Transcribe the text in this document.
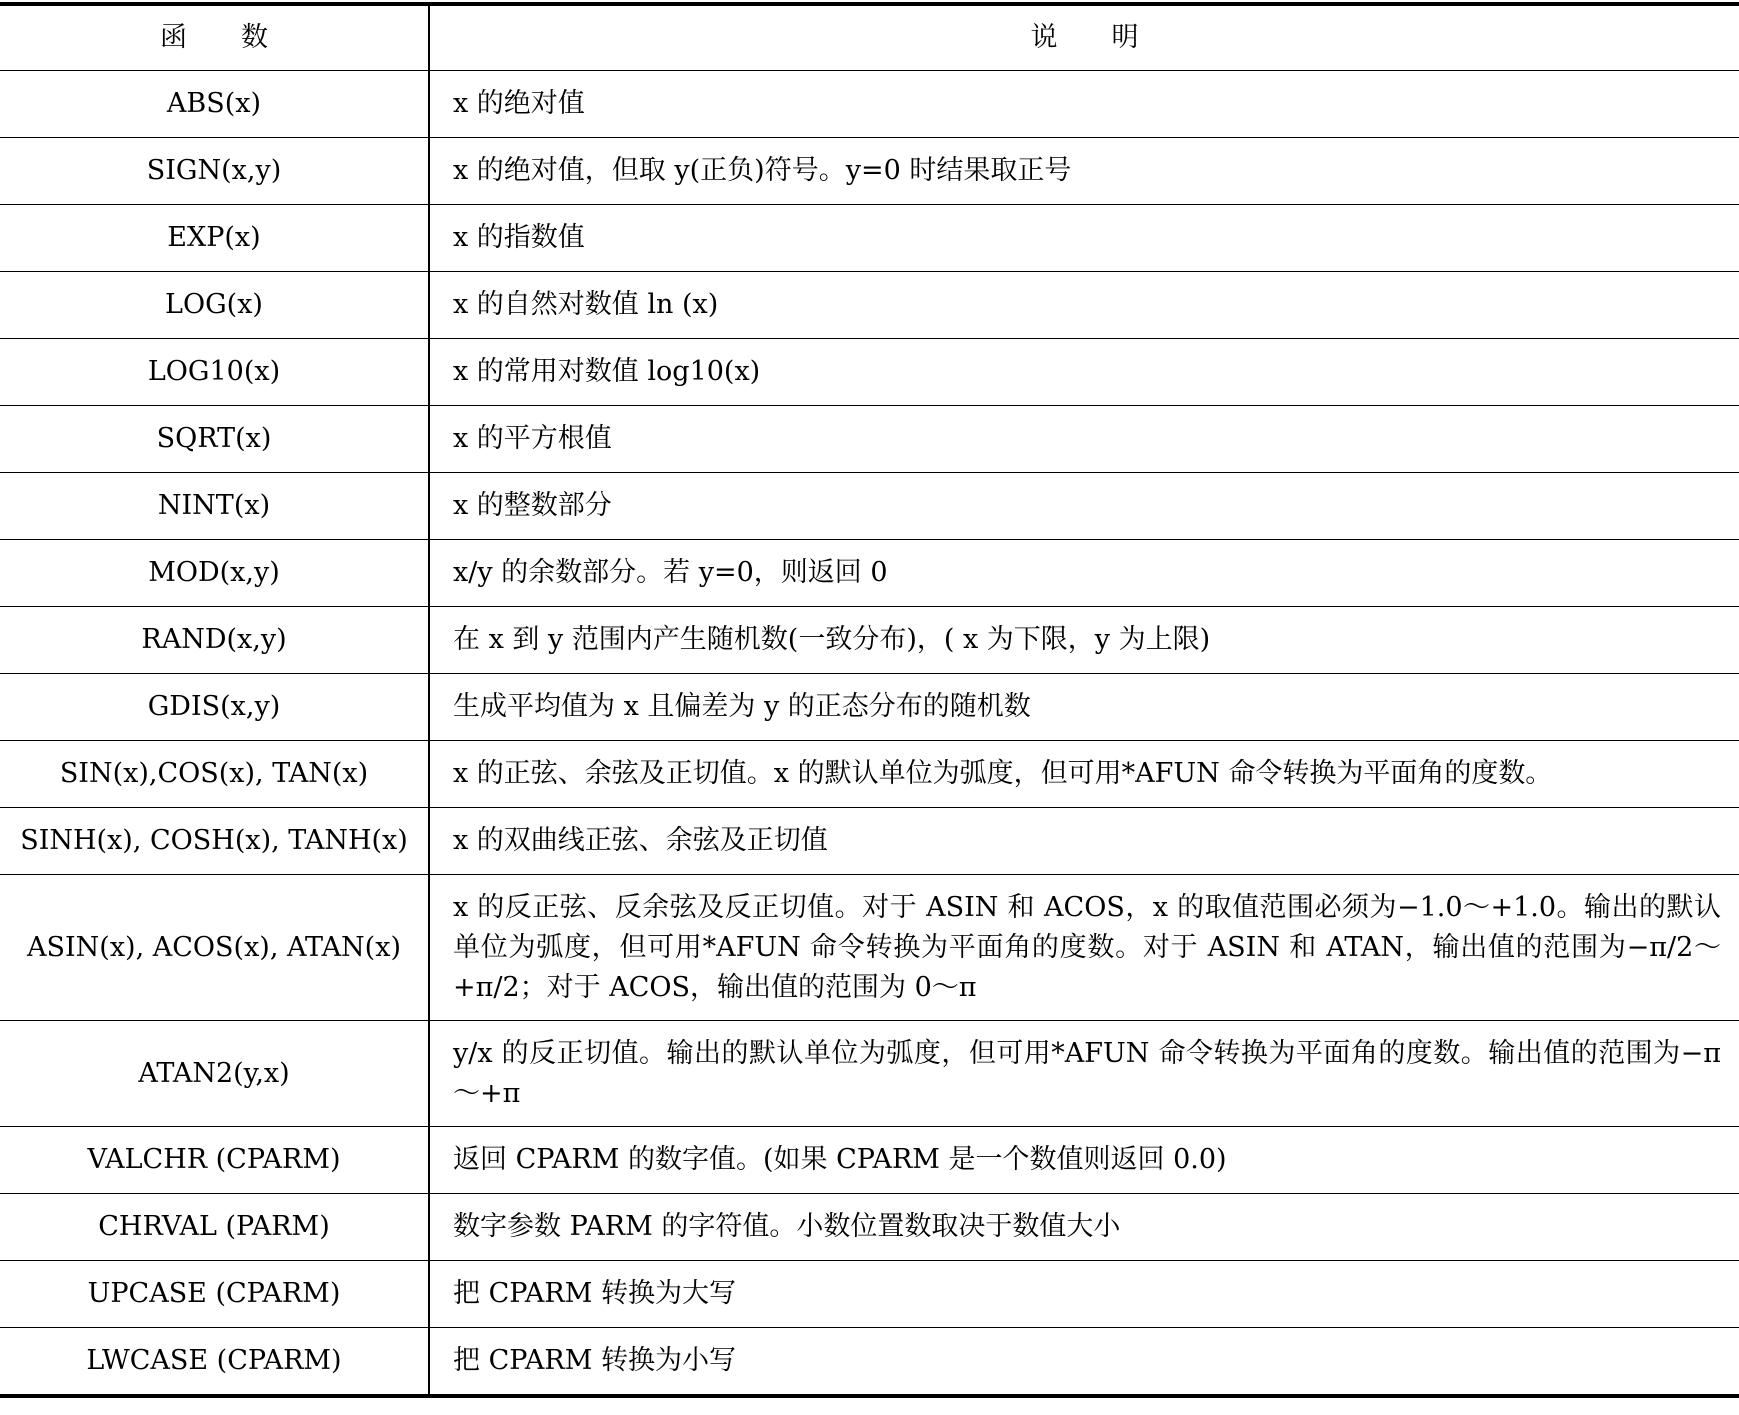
函　　数	说　　明
ABS(x)	x 的绝对值
SIGN(x,y)	x 的绝对值，但取 y(正负)符号。y=0 时结果取正号
EXP(x)	x 的指数值
LOG(x)	x 的自然对数值 ln (x)
LOG10(x)	x 的常用对数值 log10(x)
SQRT(x)	x 的平方根值
NINT(x)	x 的整数部分
MOD(x,y)	x/y 的余数部分。若 y=0，则返回 0
RAND(x,y)	在 x 到 y 范围内产生随机数(一致分布)，( x 为下限，y 为上限)
GDIS(x,y)	生成平均值为 x 且偏差为 y 的正态分布的随机数
SIN(x),COS(x), TAN(x)	x 的正弦、余弦及正切值。x 的默认单位为弧度，但可用*AFUN 命令转换为平面角的度数。
SINH(x), COSH(x), TANH(x)	x 的双曲线正弦、余弦及正切值
ASIN(x), ACOS(x), ATAN(x)	x 的反正弦、反余弦及反正切值。对于 ASIN 和 ACOS，x 的取值范围必须为−1.0～+1.0。输出的默认单位为弧度，但可用*AFUN 命令转换为平面角的度数。对于 ASIN 和 ATAN，输出值的范围为−π/2～+π/2；对于 ACOS，输出值的范围为 0～π
ATAN2(y,x)	y/x 的反正切值。输出的默认单位为弧度，但可用*AFUN 命令转换为平面角的度数。输出值的范围为−π～+π
VALCHR (CPARM)	返回 CPARM 的数字值。(如果 CPARM 是一个数值则返回 0.0)
CHRVAL (PARM)	数字参数 PARM 的字符值。小数位置数取决于数值大小
UPCASE (CPARM)	把 CPARM 转换为大写
LWCASE (CPARM)	把 CPARM 转换为小写
